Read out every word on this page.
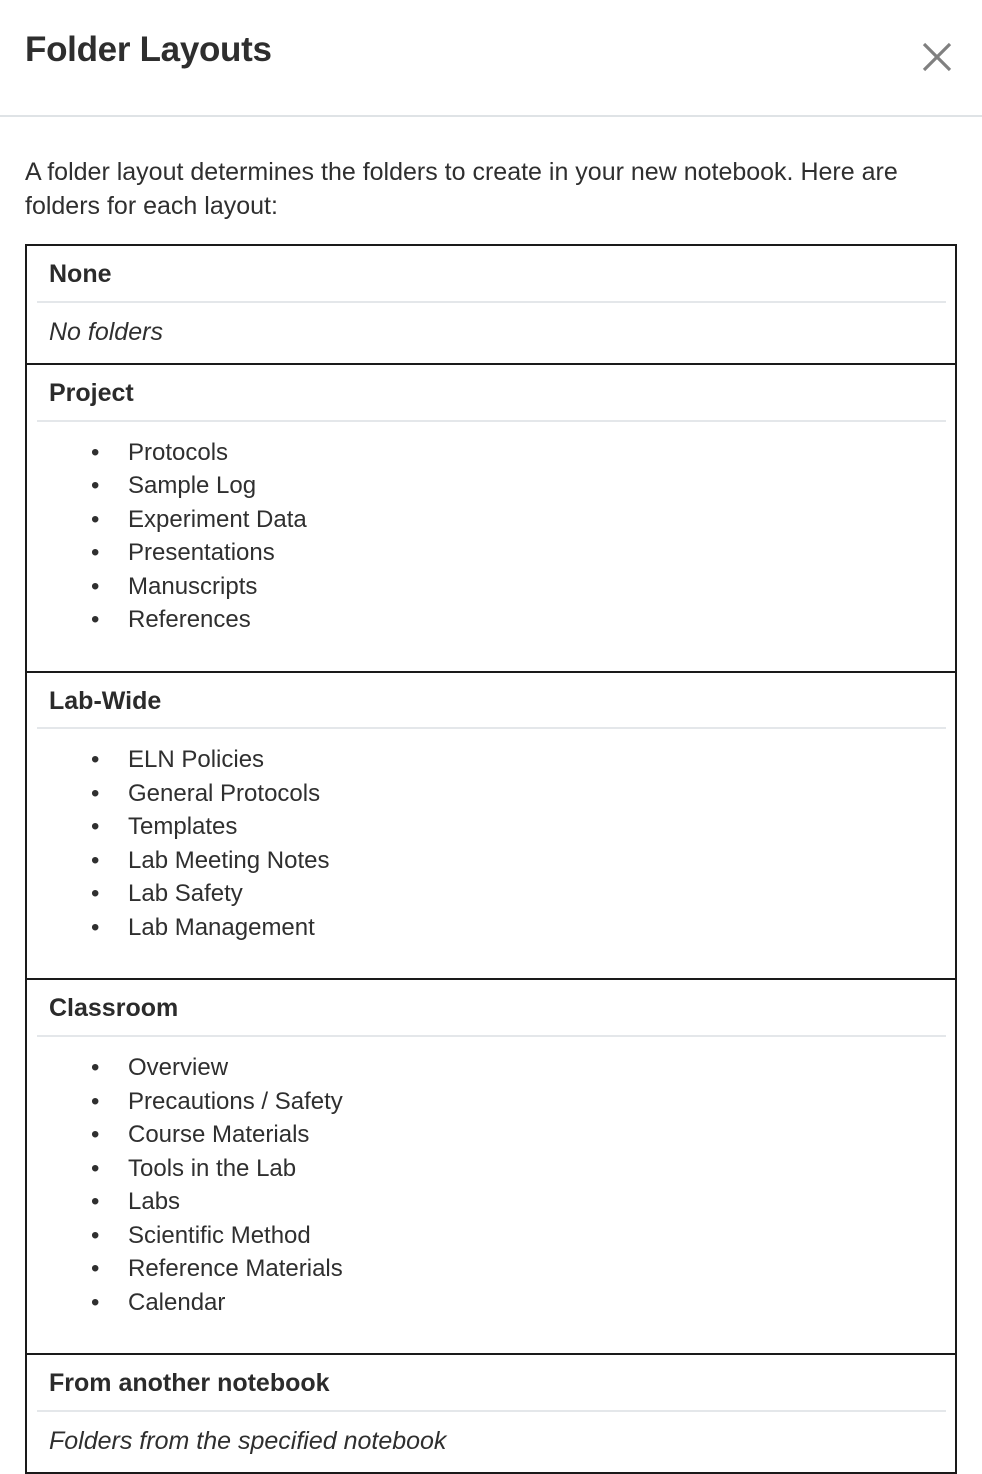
Folder Layouts

A folder layout determines the folders to create in your new notebook. Here are folders for each layout:

None
No folders
Project
• Protocols
• Sample Log
• Experiment Data
• Presentations
• Manuscripts
• References
Lab-Wide
• ELN Policies
• General Protocols
• Templates
• Lab Meeting Notes
• Lab Safety
• Lab Management
Classroom
• Overview
• Precautions / Safety
• Course Materials
• Tools in the Lab
• Labs
• Scientific Method
• Reference Materials
• Calendar
From another notebook
Folders from the specified notebook
